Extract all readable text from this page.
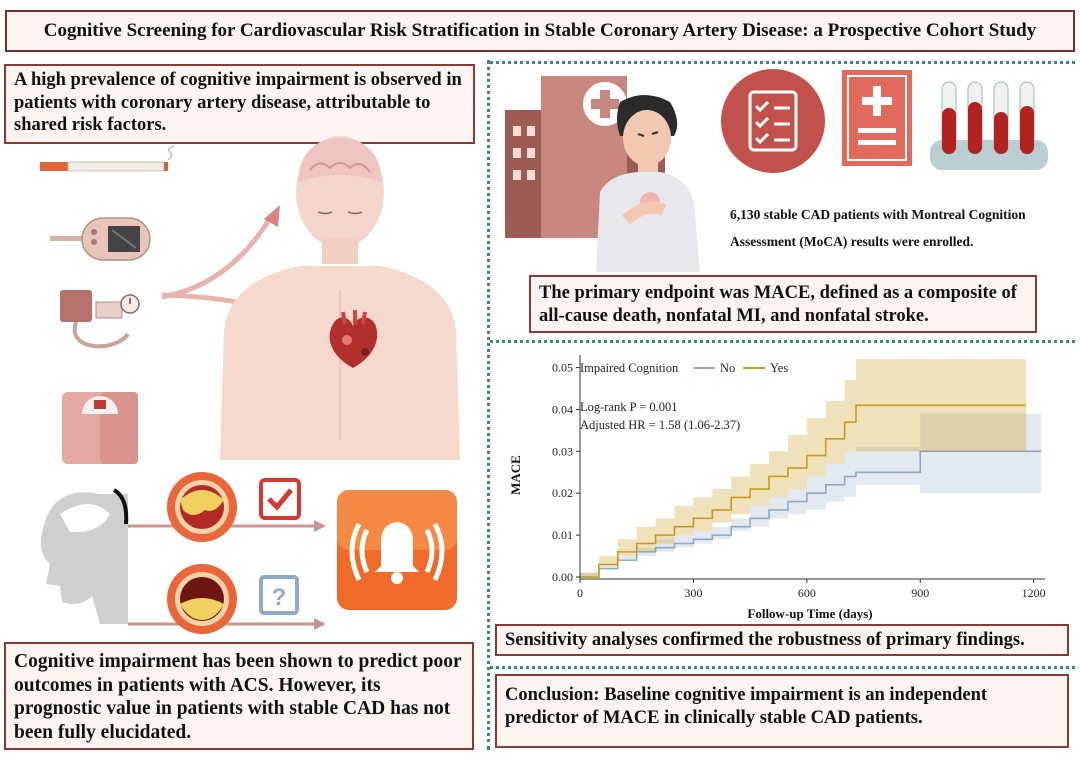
Cognitive Screening for Cardiovascular Risk Stratification in Stable Coronary Artery Disease: a Prospective Cohort Study
A high prevalence of cognitive impairment is observed in patients with coronary artery disease, attributable to shared risk factors.
?
Cognitive impairment has been shown to predict poor outcomes in patients with ACS. However, its prognostic value in patients with stable CAD has not been fully elucidated.
6,130 stable CAD patients with Montreal Cognition Assessment (MoCA) results were enrolled.
The primary endpoint was MACE, defined as a composite of all-cause death, nonfatal MI, and nonfatal stroke.
0	300	600	900	1200
0.00
0.01
0.02
0.03
0.04
0.05
Follow-up Time (days)
MACE
Impaired Cognition	No	Yes
Log-rank P = 0.001
Adjusted HR = 1.58 (1.06-2.37)
Sensitivity analyses confirmed the robustness of primary findings.
Conclusion: Baseline cognitive impairment is an independent predictor of MACE in clinically stable CAD patients.
